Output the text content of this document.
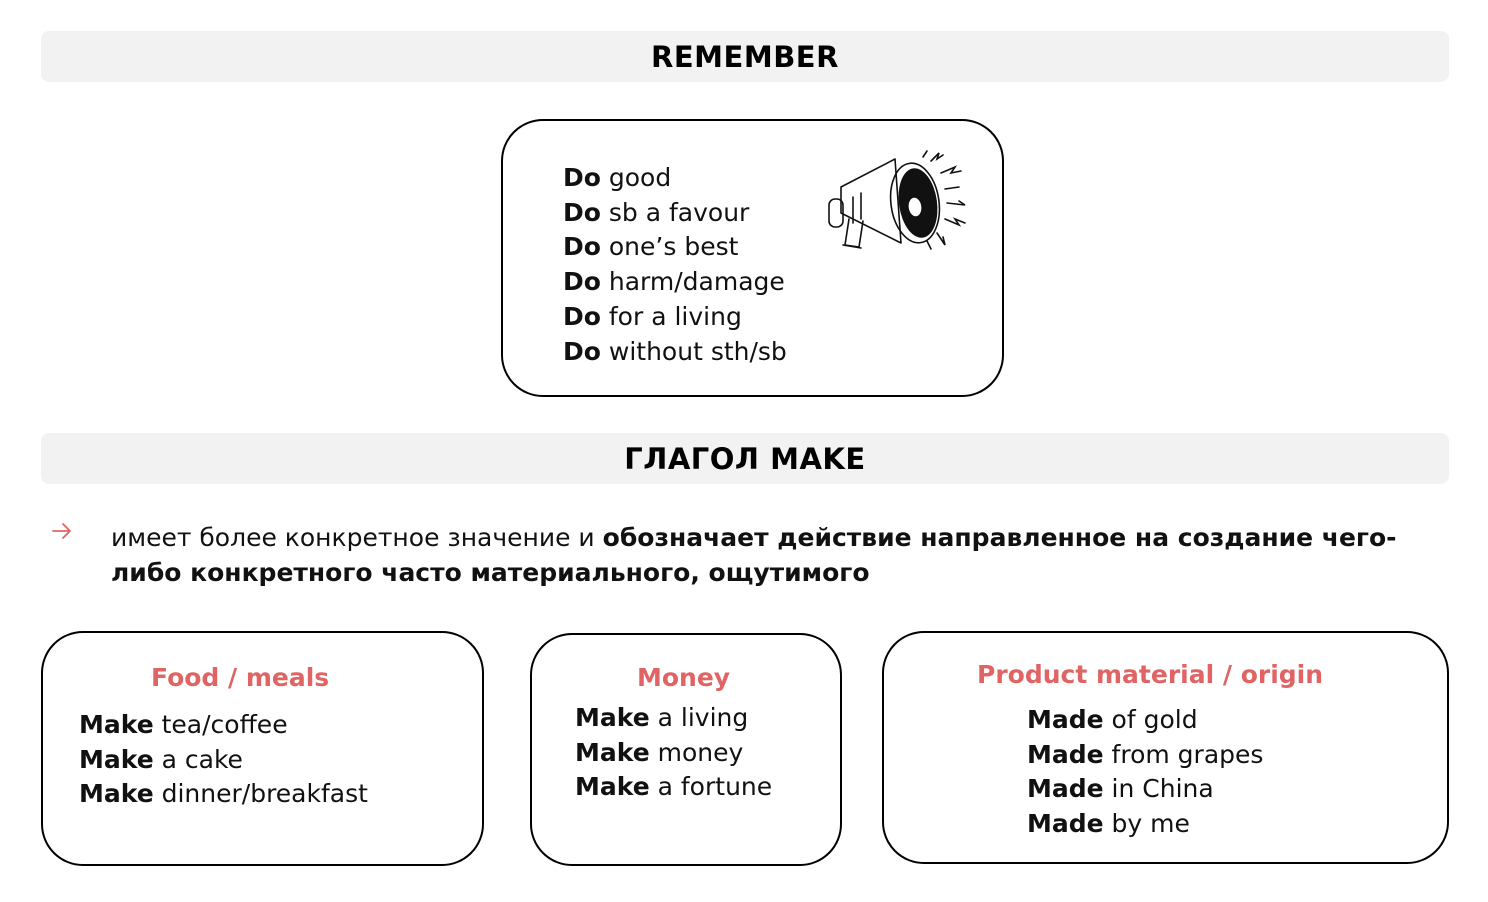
REMEMBER
Do good
Do sb a favour
Do one’s best
Do harm/damage
Do for a living
Do without sth/sb
ГЛАГОЛ MAKE
имеет более конкретное значение и обозначает действие направленное на создание чего-либо конкретного часто материального, ощутимого
Food / meals
Make tea/coffee
Make a cake
Make dinner/breakfast
Money
Make a living
Make money
Make a fortune
Product material / origin
Made of gold
Made from grapes
Made in China
Made by me
